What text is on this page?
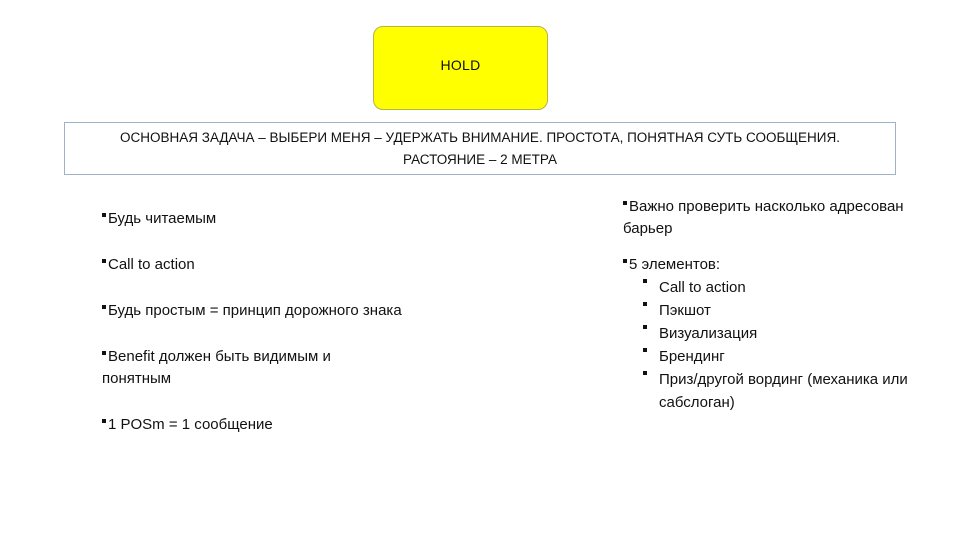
HOLD
ОСНОВНАЯ ЗАДАЧА – ВЫБЕРИ МЕНЯ – УДЕРЖАТЬ ВНИМАНИЕ. ПРОСТОТА, ПОНЯТНАЯ СУТЬ СООБЩЕНИЯ. РАСТОЯНИЕ – 2 МЕТРА
Будь читаемым
Call to action
Будь простым = принцип дорожного знака
Benefit должен быть видимым и понятным
1 POSm = 1 сообщение
Важно проверить насколько адресован барьер
5 элементов:
Call to action
Пэкшот
Визуализация
Брендинг
Приз/другой вординг (механика или сабслоган)
